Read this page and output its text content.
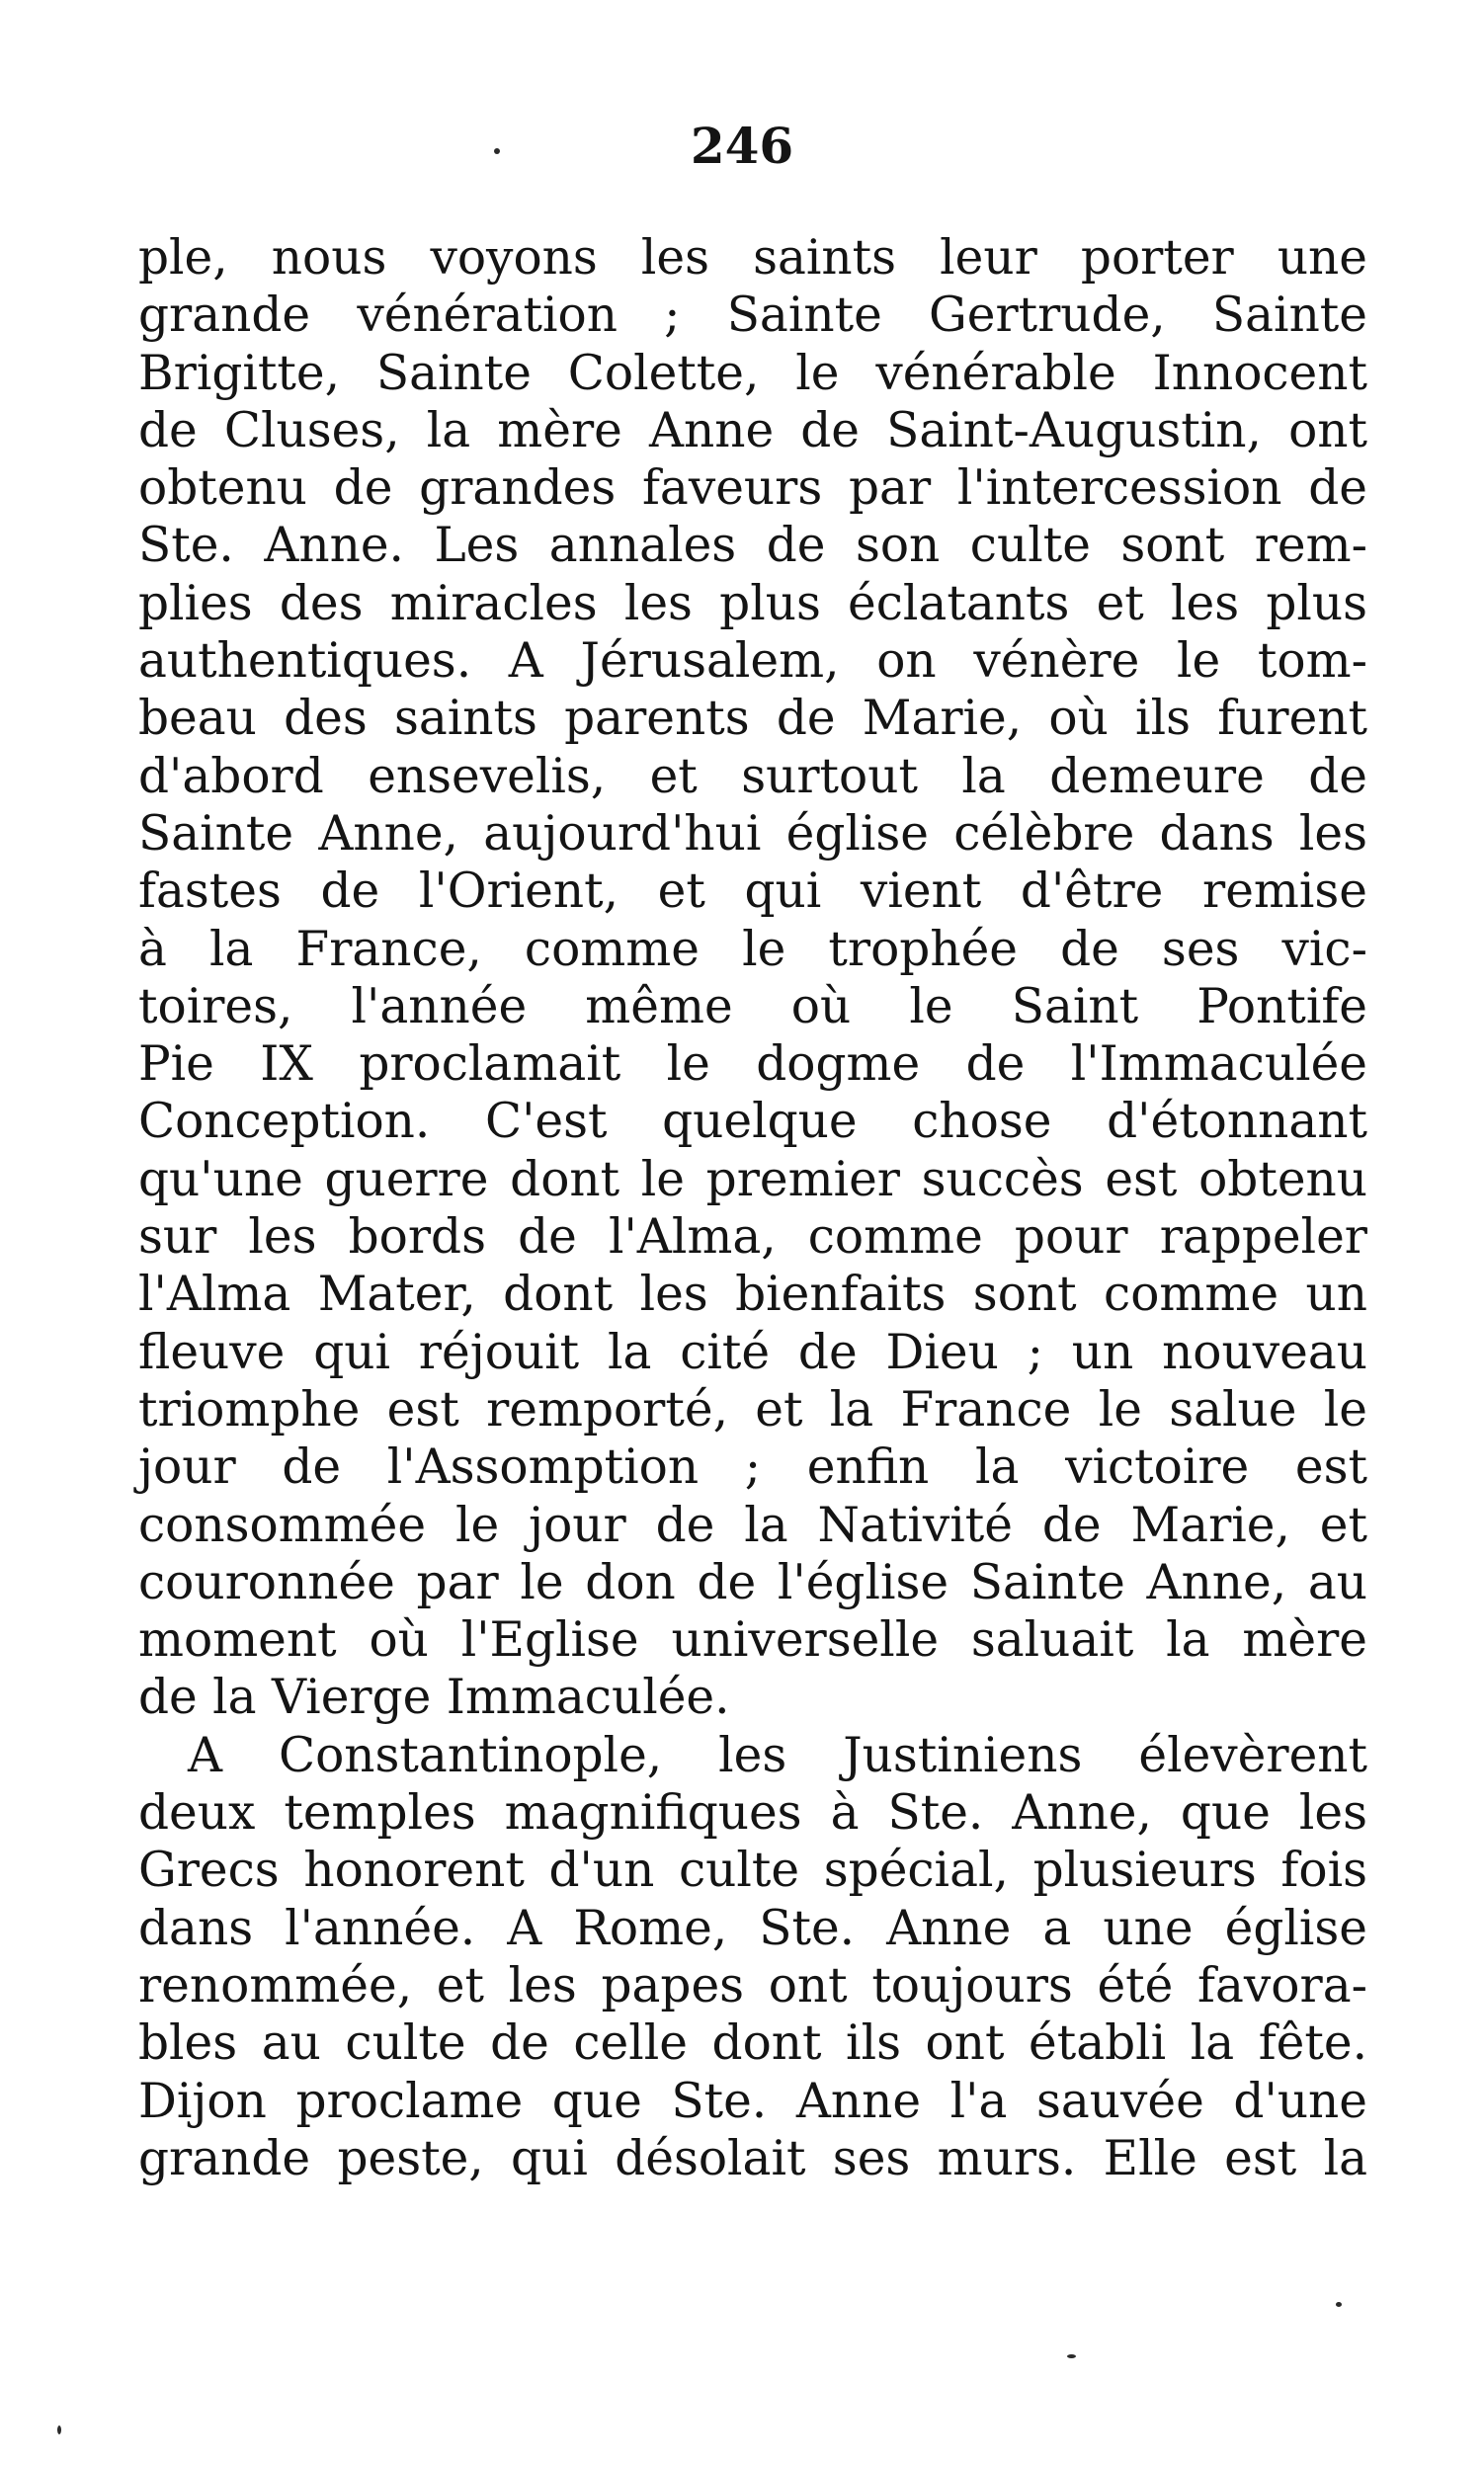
246
ple, nous voyons les saints leur porter une
grande vénération ; Sainte Gertrude, Sainte
Brigitte, Sainte Colette, le vénérable Innocent
de Cluses, la mère Anne de Saint-Augustin, ont
obtenu de grandes faveurs par l'intercession de
Ste. Anne. Les annales de son culte sont rem-
plies des miracles les plus éclatants et les plus
authentiques. A Jérusalem, on vénère le tom-
beau des saints parents de Marie, où ils furent
d'abord ensevelis, et surtout la demeure de
Sainte Anne, aujourd'hui église célèbre dans les
fastes de l'Orient, et qui vient d'être remise
à la France, comme le trophée de ses vic-
toires, l'année même où le Saint Pontife
Pie IX proclamait le dogme de l'Immaculée
Conception. C'est quelque chose d'étonnant
qu'une guerre dont le premier succès est obtenu
sur les bords de l'Alma, comme pour rappeler
l'Alma Mater, dont les bienfaits sont comme un
fleuve qui réjouit la cité de Dieu ; un nouveau
triomphe est remporté, et la France le salue le
jour de l'Assomption ; enfin la victoire est
consommée le jour de la Nativité de Marie, et
couronnée par le don de l'église Sainte Anne, au
moment où l'Eglise universelle saluait la mère
de la Vierge Immaculée.
A Constantinople, les Justiniens élevèrent
deux temples magnifiques à Ste. Anne, que les
Grecs honorent d'un culte spécial, plusieurs fois
dans l'année. A Rome, Ste. Anne a une église
renommée, et les papes ont toujours été favora-
bles au culte de celle dont ils ont établi la fête.
Dijon proclame que Ste. Anne l'a sauvée d'une
grande peste, qui désolait ses murs. Elle est la
